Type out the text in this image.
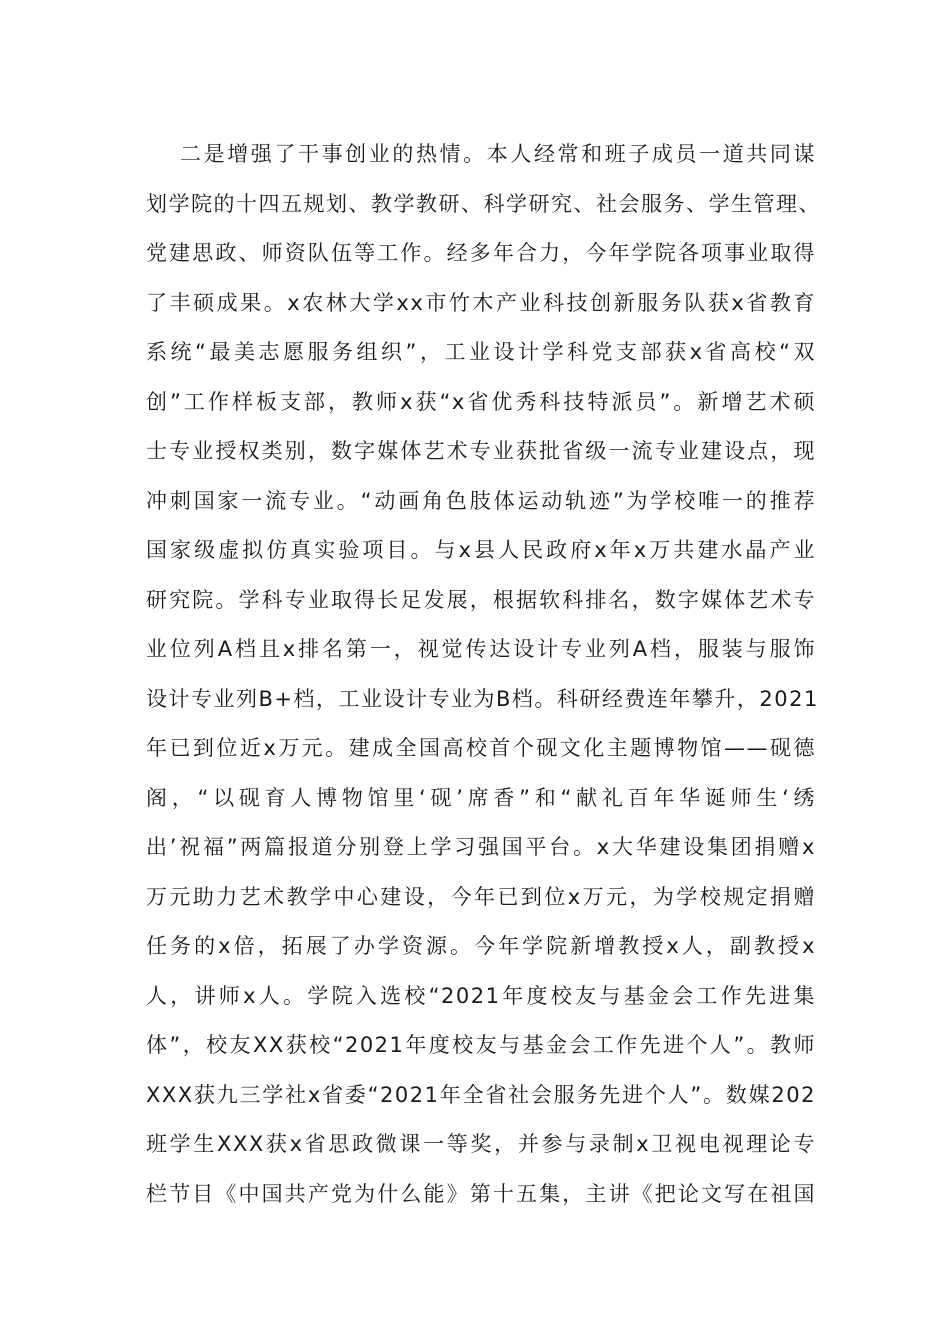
二是增强了干事创业的热情。本人经常和班子成员一道共同谋
划学院的十四五规划、教学教研、科学研究、社会服务、学生管理、
党建思政、师资队伍等工作。经多年合力，今年学院各项事业取得
了丰硕成果。x农林大学xx市竹木产业科技创新服务队获x省教育
系统“最美志愿服务组织”，工业设计学科党支部获x省高校“双
创”工作样板支部，教师x获“x省优秀科技特派员”。新增艺术硕
士专业授权类别，数字媒体艺术专业获批省级一流专业建设点，现
冲刺国家一流专业。“动画角色肢体运动轨迹”为学校唯一的推荐
国家级虚拟仿真实验项目。与x县人民政府x年x万共建水晶产业
研究院。学科专业取得长足发展，根据软科排名，数字媒体艺术专
业位列A档且x排名第一，视觉传达设计专业列A档，服装与服饰
设计专业列B+档，工业设计专业为B档。科研经费连年攀升，2021
年已到位近x万元。建成全国高校首个砚文化主题博物馆——砚德
阁，“以砚育人博物馆里‘砚’席香”和“献礼百年华诞师生‘绣
出’祝福”两篇报道分别登上学习强国平台。x大华建设集团捐赠x
万元助力艺术教学中心建设，今年已到位x万元，为学校规定捐赠
任务的x倍，拓展了办学资源。今年学院新增教授x人，副教授x
人，讲师x人。学院入选校“2021年度校友与基金会工作先进集
体”，校友XX获校“2021年度校友与基金会工作先进个人”。教师
XXX获九三学社x省委“2021年全省社会服务先进个人”。数媒202
班学生XXX获x省思政微课一等奖，并参与录制x卫视电视理论专
栏节目《中国共产党为什么能》第十五集，主讲《把论文写在祖国
